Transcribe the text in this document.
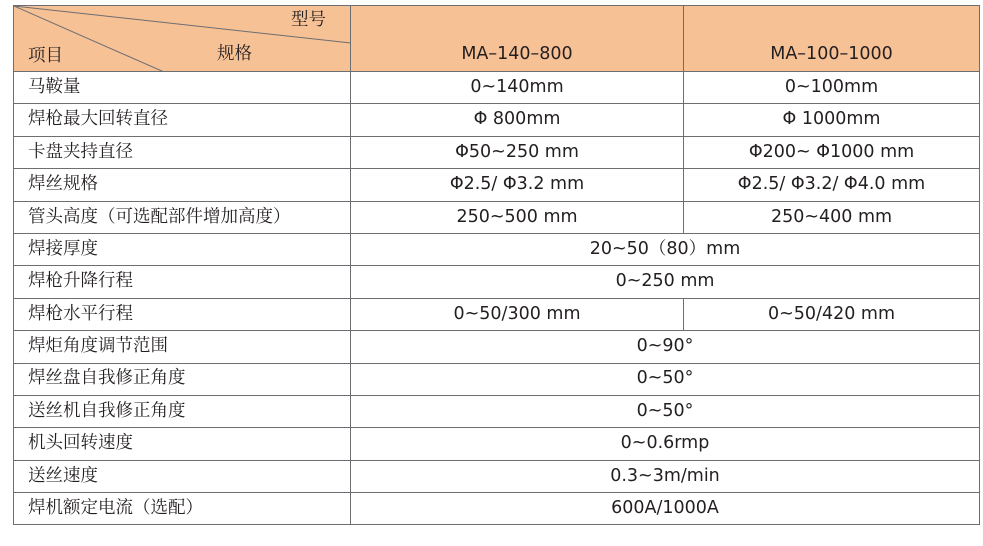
型号
规格
项目	MA–140–800	MA–100–1000
马鞍量	0~140mm	0~100mm
焊枪最大回转直径	Φ 800mm	Φ 1000mm
卡盘夹持直径	Φ50~250 mm	Φ200~ Φ1000 mm
焊丝规格	Φ2.5/ Φ3.2 mm	Φ2.5/ Φ3.2/ Φ4.0 mm
管头高度（可选配部件增加高度）	250~500 mm	250~400 mm
焊接厚度	20~50（80）mm	
焊枪升降行程	0~250 mm	
焊枪水平行程	0~50/300 mm	0~50/420 mm
焊炬角度调节范围	0~90°	
焊丝盘自我修正角度	0~50°	
送丝机自我修正角度	0~50°	
机头回转速度	0~0.6rmp	
送丝速度	0.3~3m/min	
焊机额定电流（选配）	600A/1000A	
